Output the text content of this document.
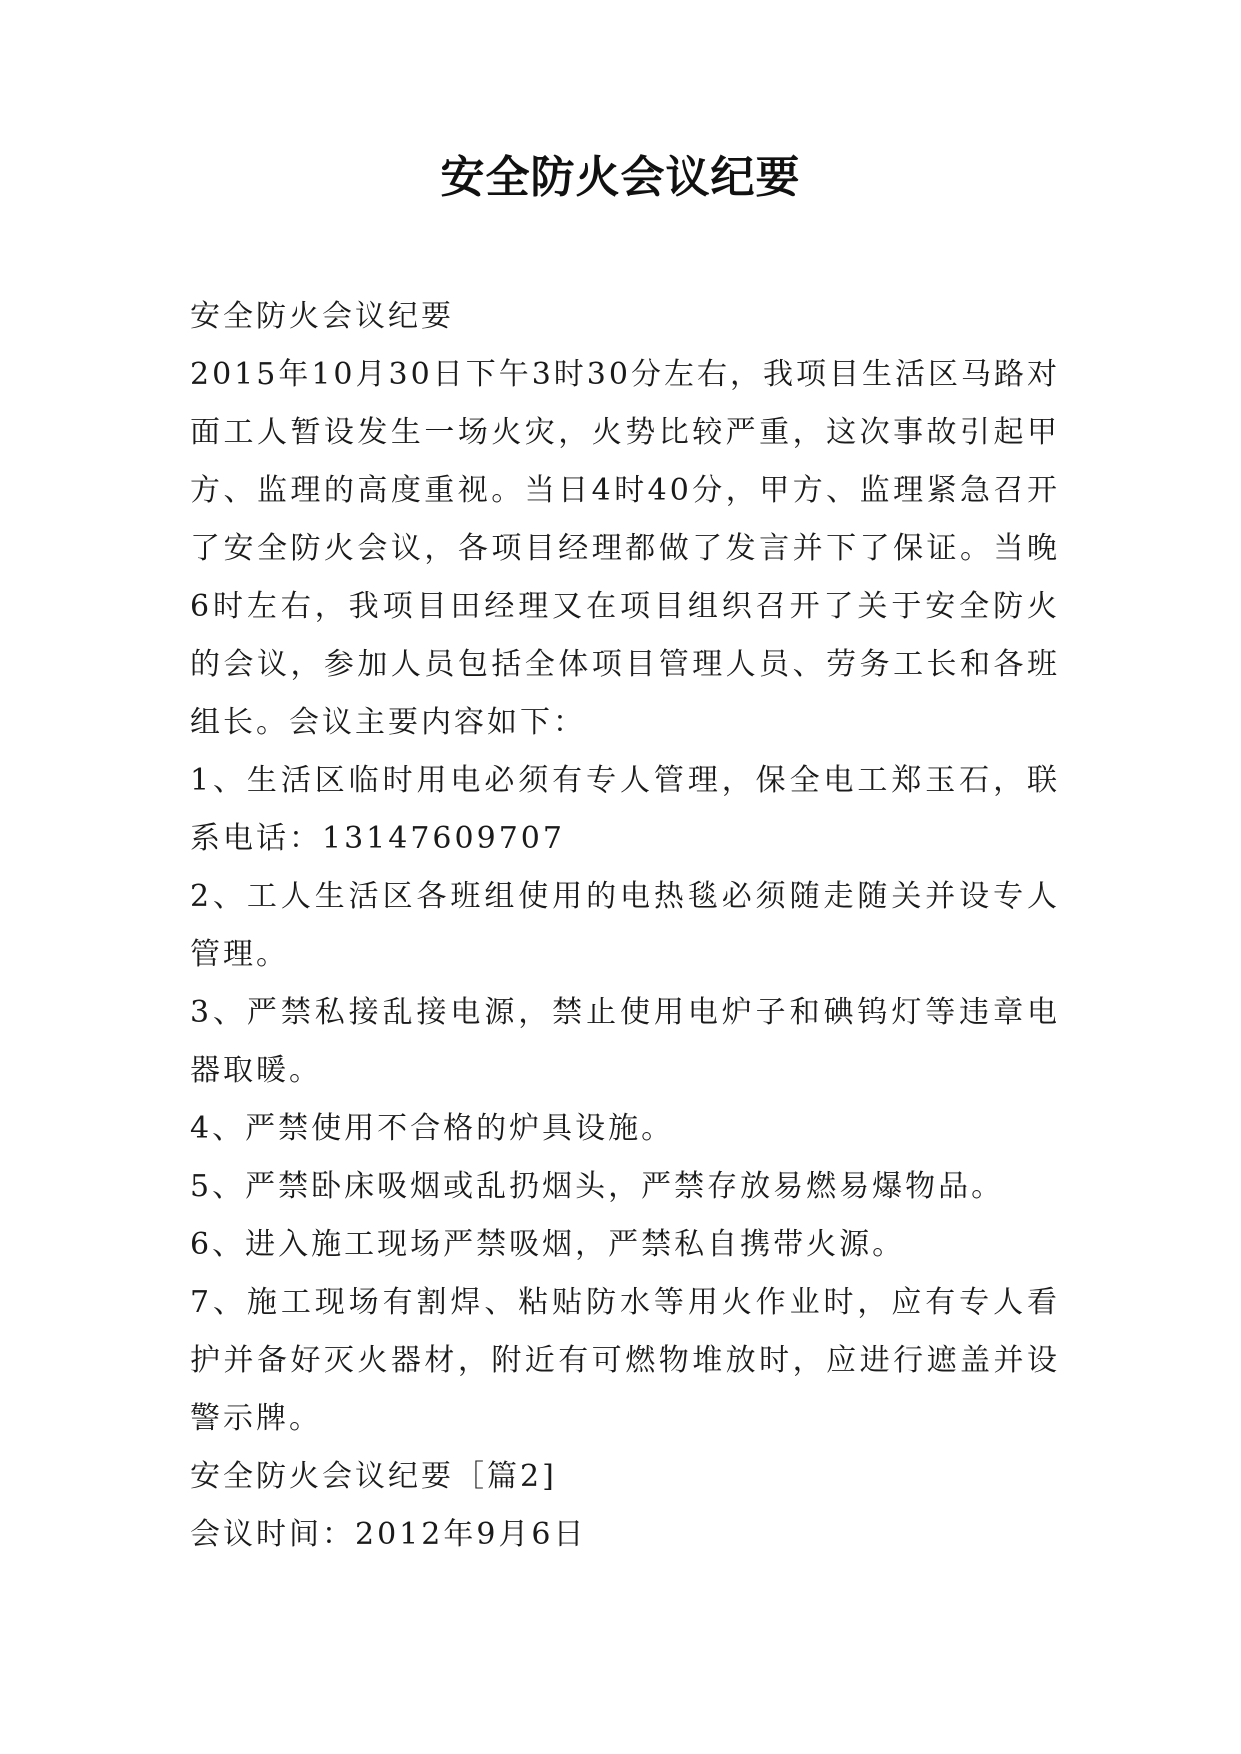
安全防火会议纪要

安全防火会议纪要

2015年10月30日下午3时30分左右，我项目生活区马路对面工人暂设发生一场火灾，火势比较严重，这次事故引起甲方、监理的高度重视。当日4时40分，甲方、监理紧急召开了安全防火会议，各项目经理都做了发言并下了保证。当晚6时左右，我项目田经理又在项目组织召开了关于安全防火的会议，参加人员包括全体项目管理人员、劳务工长和各班组长。会议主要内容如下：

1、生活区临时用电必须有专人管理，保全电工郑玉石，联系电话：13147609707

2、工人生活区各班组使用的电热毯必须随走随关并设专人管理。

3、严禁私接乱接电源，禁止使用电炉子和碘钨灯等违章电器取暖。

4、严禁使用不合格的炉具设施。

5、严禁卧床吸烟或乱扔烟头，严禁存放易燃易爆物品。

6、进入施工现场严禁吸烟，严禁私自携带火源。

7、施工现场有割焊、粘贴防水等用火作业时，应有专人看护并备好灭火器材，附近有可燃物堆放时，应进行遮盖并设警示牌。

安全防火会议纪要［篇2]

会议时间：2012年9月6日
